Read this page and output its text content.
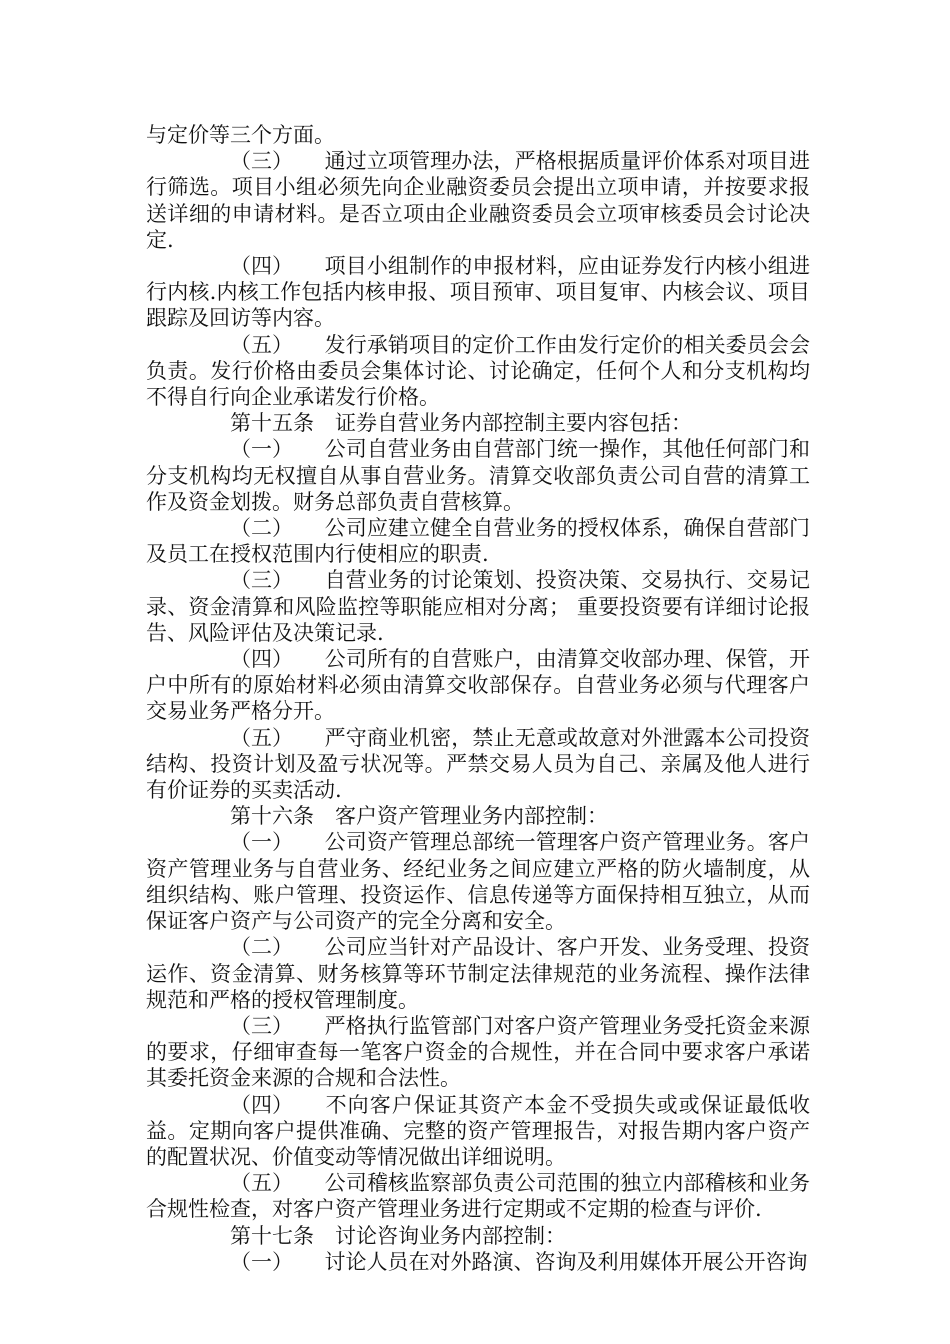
与定价等三个方面。

（三） 通过立项管理办法，严格根据质量评价体系对项目进行筛选。项目小组必须先向企业融资委员会提出立项申请，并按要求报送详细的申请材料。是否立项由企业融资委员会立项审核委员会讨论决定.

（四） 项目小组制作的申报材料，应由证券发行内核小组进行内核.内核工作包括内核申报、项目预审、项目复审、内核会议、项目跟踪及回访等内容。

（五） 发行承销项目的定价工作由发行定价的相关委员会会负责。发行价格由委员会集体讨论、讨论确定，任何个人和分支机构均不得自行向企业承诺发行价格。

第十五条 证券自营业务内部控制主要内容包括：

（一） 公司自营业务由自营部门统一操作，其他任何部门和分支机构均无权擅自从事自营业务。清算交收部负责公司自营的清算工作及资金划拨。财务总部负责自营核算。

（二） 公司应建立健全自营业务的授权体系，确保自营部门及员工在授权范围内行使相应的职责.

（三） 自营业务的讨论策划、投资决策、交易执行、交易记录、资金清算和风险监控等职能应相对分离； 重要投资要有详细讨论报告、风险评估及决策记录.

（四） 公司所有的自营账户，由清算交收部办理、保管，开户中所有的原始材料必须由清算交收部保存。自营业务必须与代理客户交易业务严格分开。

（五） 严守商业机密，禁止无意或故意对外泄露本公司投资结构、投资计划及盈亏状况等。严禁交易人员为自己、亲属及他人进行有价证券的买卖活动.

第十六条 客户资产管理业务内部控制：

（一） 公司资产管理总部统一管理客户资产管理业务。客户资产管理业务与自营业务、经纪业务之间应建立严格的防火墙制度，从组织结构、账户管理、投资运作、信息传递等方面保持相互独立，从而保证客户资产与公司资产的完全分离和安全。

（二） 公司应当针对产品设计、客户开发、业务受理、投资运作、资金清算、财务核算等环节制定法律规范的业务流程、操作法律规范和严格的授权管理制度。

（三） 严格执行监管部门对客户资产管理业务受托资金来源的要求，仔细审查每一笔客户资金的合规性，并在合同中要求客户承诺其委托资金来源的合规和合法性。

（四） 不向客户保证其资产本金不受损失或或保证最低收益。定期向客户提供准确、完整的资产管理报告，对报告期内客户资产的配置状况、价值变动等情况做出详细说明。

（五） 公司稽核监察部负责公司范围的独立内部稽核和业务合规性检查，对客户资产管理业务进行定期或不定期的检查与评价.

第十七条 讨论咨询业务内部控制：

（一） 讨论人员在对外路演、咨询及利用媒体开展公开咨询
